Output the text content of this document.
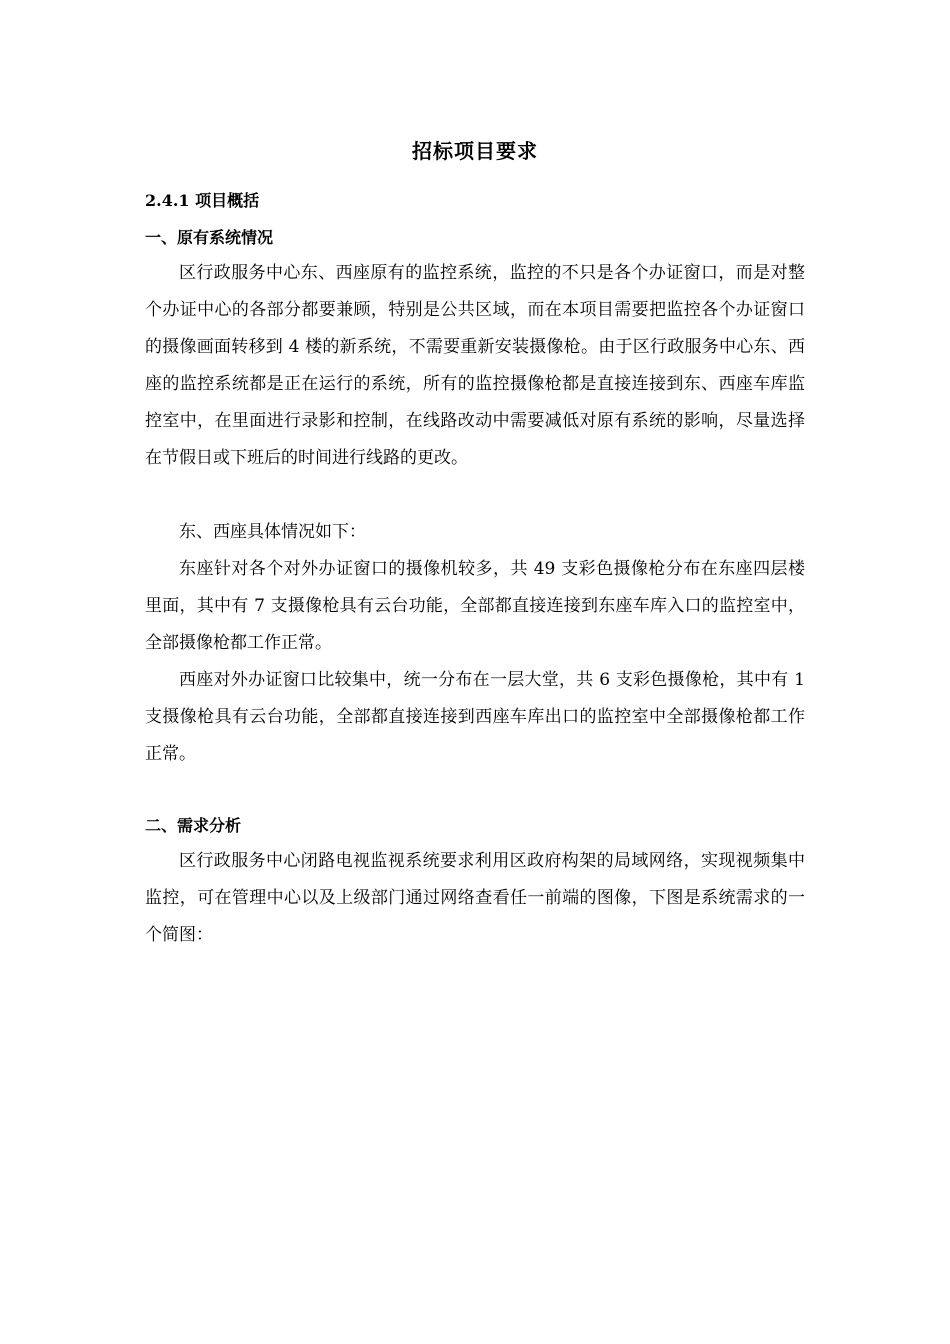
招标项目要求
2.4.1 项目概括
一、原有系统情况

区行政服务中心东、西座原有的监控系统，监控的不只是各个办证窗口，而是对整个办证中心的各部分都要兼顾，特别是公共区域，而在本项目需要把监控各个办证窗口的摄像画面转移到 4 楼的新系统，不需要重新安装摄像枪。由于区行政服务中心东、西座的监控系统都是正在运行的系统，所有的监控摄像枪都是直接连接到东、西座车库监控室中，在里面进行录影和控制，在线路改动中需要减低对原有系统的影响，尽量选择在节假日或下班后的时间进行线路的更改。

东、西座具体情况如下：

东座针对各个对外办证窗口的摄像机较多，共 49 支彩色摄像枪分布在东座四层楼里面，其中有 7 支摄像枪具有云台功能，全部都直接连接到东座车库入口的监控室中，全部摄像枪都工作正常。

西座对外办证窗口比较集中，统一分布在一层大堂，共 6 支彩色摄像枪，其中有 1 支摄像枪具有云台功能，全部都直接连接到西座车库出口的监控室中全部摄像枪都工作正常。

二、需求分析

区行政服务中心闭路电视监视系统要求利用区政府构架的局域网络，实现视频集中监控，可在管理中心以及上级部门通过网络查看任一前端的图像，下图是系统需求的一个简图：
